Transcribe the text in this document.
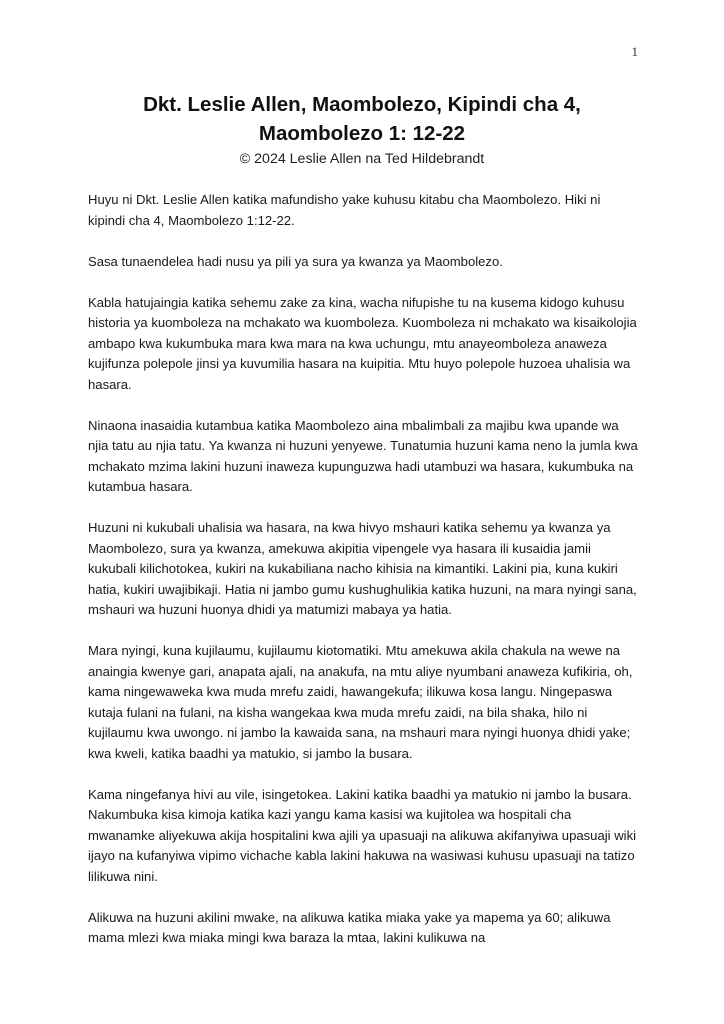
1
Dkt. Leslie Allen, Maombolezo, Kipindi cha 4, Maombolezo 1: 12-22
© 2024 Leslie Allen na Ted Hildebrandt

Huyu ni Dkt. Leslie Allen katika mafundisho yake kuhusu kitabu cha Maombolezo. Hiki ni kipindi cha 4, Maombolezo 1:12-22.

Sasa tunaendelea hadi nusu ya pili ya sura ya kwanza ya Maombolezo.

Kabla hatujaingia katika sehemu zake za kina, wacha nifupishe tu na kusema kidogo kuhusu historia ya kuomboleza na mchakato wa kuomboleza. Kuomboleza ni mchakato wa kisaikolojia ambapo kwa kukumbuka mara kwa mara na kwa uchungu, mtu anayeomboleza anaweza kujifunza polepole jinsi ya kuvumilia hasara na kuipitia. Mtu huyo polepole huzoea uhalisia wa hasara.

Ninaona inasaidia kutambua katika Maombolezo aina mbalimbali za majibu kwa upande wa njia tatu au njia tatu. Ya kwanza ni huzuni yenyewe. Tunatumia huzuni kama neno la jumla kwa mchakato mzima lakini huzuni inaweza kupunguzwa hadi utambuzi wa hasara, kukumbuka na kutambua hasara.

Huzuni ni kukubali uhalisia wa hasara, na kwa hivyo mshauri katika sehemu ya kwanza ya Maombolezo, sura ya kwanza, amekuwa akipitia vipengele vya hasara ili kusaidia jamii kukubali kilichotokea, kukiri na kukabiliana nacho kihisia na kimantiki. Lakini pia, kuna kukiri hatia, kukiri uwajibikaji. Hatia ni jambo gumu kushughulikia katika huzuni, na mara nyingi sana, mshauri wa huzuni huonya dhidi ya matumizi mabaya ya hatia.

Mara nyingi, kuna kujilaumu, kujilaumu kiotomatiki. Mtu amekuwa akila chakula na wewe na anaingia kwenye gari, anapata ajali, na anakufa, na mtu aliye nyumbani anaweza kufikiria, oh, kama ningewaweka kwa muda mrefu zaidi, hawangekufa; ilikuwa kosa langu. Ningepaswa kutaja fulani na fulani, na kisha wangekaa kwa muda mrefu zaidi, na bila shaka, hilo ni kujilaumu kwa uwongo. ni jambo la kawaida sana, na mshauri mara nyingi huonya dhidi yake; kwa kweli, katika baadhi ya matukio, si jambo la busara.

Kama ningefanya hivi au vile, isingetokea. Lakini katika baadhi ya matukio ni jambo la busara. Nakumbuka kisa kimoja katika kazi yangu kama kasisi wa kujitolea wa hospitali cha mwanamke aliyekuwa akija hospitalini kwa ajili ya upasuaji na alikuwa akifanyiwa upasuaji wiki ijayo na kufanyiwa vipimo vichache kabla lakini hakuwa na wasiwasi kuhusu upasuaji na tatizo lilikuwa nini.

Alikuwa na huzuni akilini mwake, na alikuwa katika miaka yake ya mapema ya 60; alikuwa mama mlezi kwa miaka mingi kwa baraza la mtaa, lakini kulikuwa na
